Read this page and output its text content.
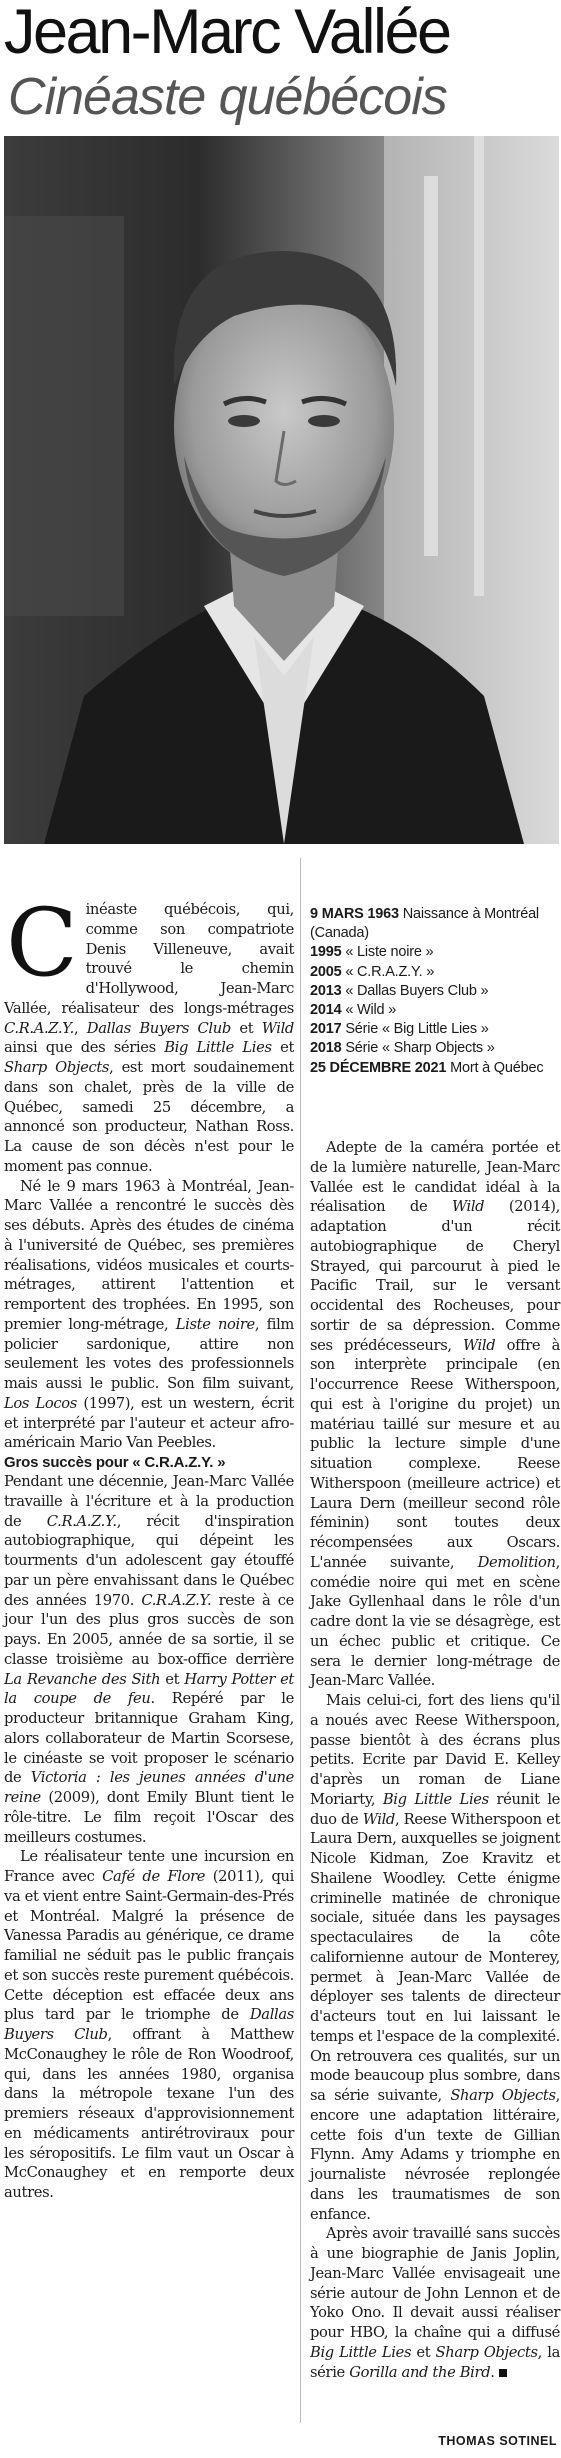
Jean-Marc Vallée
Cinéaste québécois

9 MARS 1963 Naissance à Montréal (Canada)

1995 « Liste noire »

2005 « C.R.A.Z.Y. »

2013 « Dallas Buyers Club »

2014 « Wild »

2017 Série « Big Little Lies »

2018 Série « Sharp Objects »

25 DÉCEMBRE 2021 Mort à Québec

Cinéaste québécois, qui, comme son compatriote Denis Villeneuve, avait trouvé le chemin d'Hollywood, Jean-Marc Vallée, réalisateur des longs-métrages C.R.A.Z.Y., Dallas Buyers Club et Wild ainsi que des séries Big Little Lies et Sharp Objects, est mort soudainement dans son chalet, près de la ville de Québec, samedi 25 décembre, a annoncé son producteur, Nathan Ross. La cause de son décès n'est pour le moment pas connue.

Né le 9 mars 1963 à Montréal, Jean-Marc Vallée a rencontré le succès dès ses débuts. Après des études de cinéma à l'université de Québec, ses premières réalisations, vidéos musicales et courts-métrages, attirent l'attention et remportent des trophées. En 1995, son premier long-métrage, Liste noire, film policier sardonique, attire non seulement les votes des professionnels mais aussi le public. Son film suivant, Los Locos (1997), est un western, écrit et interprété par l'auteur et acteur afro-américain Mario Van Peebles.

Gros succès pour « C.R.A.Z.Y. »

Pendant une décennie, Jean-Marc Vallée travaille à l'écriture et à la production de C.R.A.Z.Y., récit d'inspiration autobiographique, qui dépeint les tourments d'un adolescent gay étouffé par un père envahissant dans le Québec des années 1970. C.R.A.Z.Y. reste à ce jour l'un des plus gros succès de son pays. En 2005, année de sa sortie, il se classe troisième au box-office derrière La Revanche des Sith et Harry Potter et la coupe de feu. Repéré par le producteur britannique Graham King, alors collaborateur de Martin Scorsese, le cinéaste se voit proposer le scénario de Victoria : les jeunes années d'une reine (2009), dont Emily Blunt tient le rôle-titre. Le film reçoit l'Oscar des meilleurs costumes.

Le réalisateur tente une incursion en France avec Café de Flore (2011), qui va et vient entre Saint-Germain-des-Prés et Montréal. Malgré la présence de Vanessa Paradis au générique, ce drame familial ne séduit pas le public français et son succès reste purement québécois. Cette déception est effacée deux ans plus tard par le triomphe de Dallas Buyers Club, offrant à Matthew McConaughey le rôle de Ron Woodroof, qui, dans les années 1980, organisa dans la métropole texane l'un des premiers réseaux d'approvisionnement en médicaments antirétroviraux pour les séropositifs. Le film vaut un Oscar à McConaughey et en remporte deux autres.

Adepte de la caméra portée et de la lumière naturelle, Jean-Marc Vallée est le candidat idéal à la réalisation de Wild (2014), adaptation d'un récit autobiographique de Cheryl Strayed, qui parcourut à pied le Pacific Trail, sur le versant occidental des Rocheuses, pour sortir de sa dépression. Comme ses prédécesseurs, Wild offre à son interprète principale (en l'occurrence Reese Witherspoon, qui est à l'origine du projet) un matériau taillé sur mesure et au public la lecture simple d'une situation complexe. Reese Witherspoon (meilleure actrice) et Laura Dern (meilleur second rôle féminin) sont toutes deux récompensées aux Oscars. L'année suivante, Demolition, comédie noire qui met en scène Jake Gyllenhaal dans le rôle d'un cadre dont la vie se désagrège, est un échec public et critique. Ce sera le dernier long-métrage de Jean-Marc Vallée.

Mais celui-ci, fort des liens qu'il a noués avec Reese Witherspoon, passe bientôt à des écrans plus petits. Ecrite par David E. Kelley d'après un roman de Liane Moriarty, Big Little Lies réunit le duo de Wild, Reese Witherspoon et Laura Dern, auxquelles se joignent Nicole Kidman, Zoe Kravitz et Shailene Woodley. Cette énigme criminelle matinée de chronique sociale, située dans les paysages spectaculaires de la côte californienne autour de Monterey, permet à Jean-Marc Vallée de déployer ses talents de directeur d'acteurs tout en lui laissant le temps et l'espace de la complexité. On retrouvera ces qualités, sur un mode beaucoup plus sombre, dans sa série suivante, Sharp Objects, encore une adaptation littéraire, cette fois d'un texte de Gillian Flynn. Amy Adams y triomphe en journaliste névrosée replongée dans les traumatismes de son enfance.

Après avoir travaillé sans succès à une biographie de Janis Joplin, Jean-Marc Vallée envisageait une série autour de John Lennon et de Yoko Ono. Il devait aussi réaliser pour HBO, la chaîne qui a diffusé Big Little Lies et Sharp Objects, la série Gorilla and the Bird.

THOMAS SOTINEL
